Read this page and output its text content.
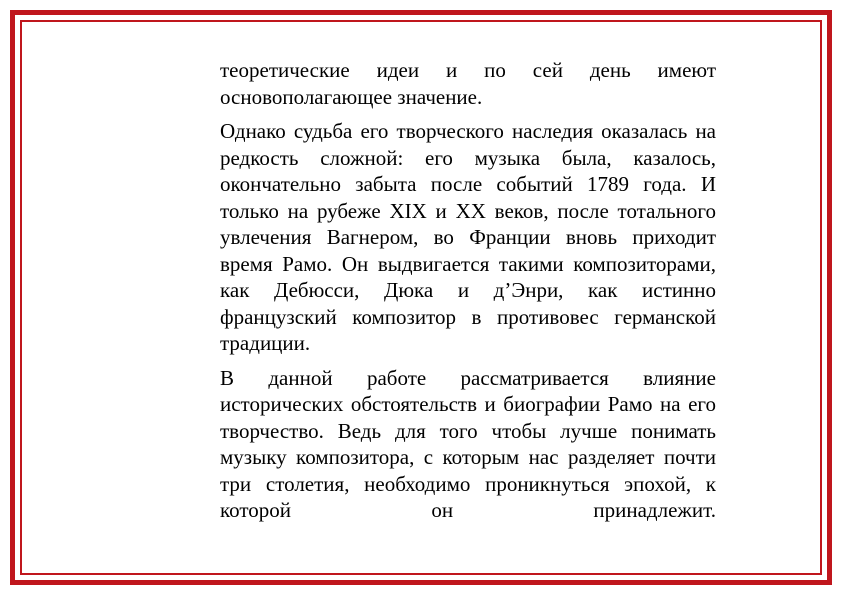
теоретические идеи и по сей день имеют основополагающее значение.

Однако судьба его творческого наследия оказалась на редкость сложной: его музыка была, казалось, окончательно забыта после событий 1789 года. И только на рубеже XIX и XX веков, после тотального увлечения Вагнером, во Франции вновь приходит время Рамо. Он выдвигается такими композиторами, как Дебюсси, Дюка и д’Энри, как истинно французский композитор в противовес германской традиции.

В данной работе рассматривается влияние исторических обстоятельств и биографии Рамо на его творчество. Ведь для того чтобы лучше понимать музыку композитора, с которым нас разделяет почти три столетия, необходимо проникнуться эпохой, к которой он принадлежит.
